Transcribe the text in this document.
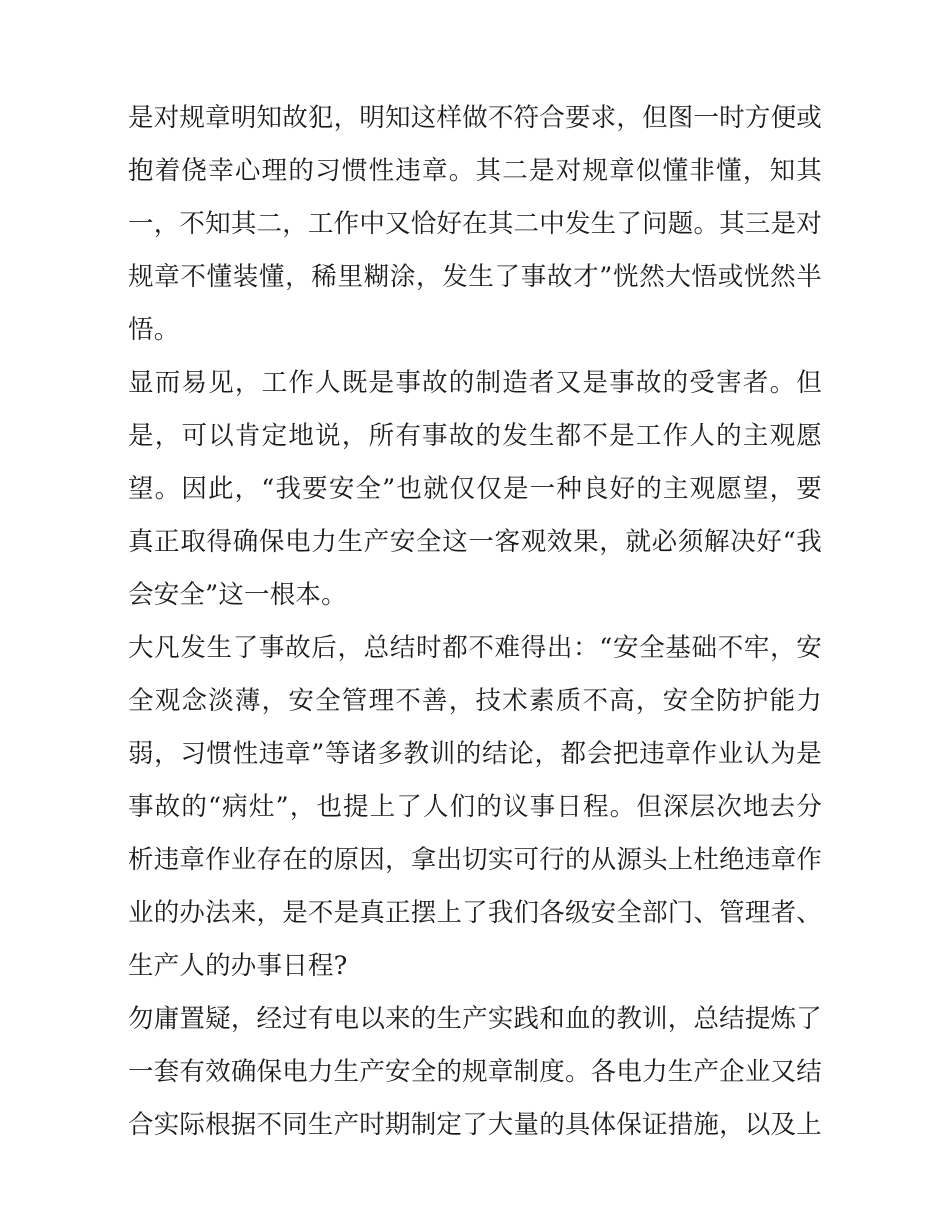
是对规章明知故犯，明知这样做不符合要求，但图一时方便或抱着侥幸心理的习惯性违章。其二是对规章似懂非懂，知其一，不知其二，工作中又恰好在其二中发生了问题。其三是对规章不懂装懂，稀里糊涂，发生了事故才”恍然大悟或恍然半悟。

显而易见，工作人既是事故的制造者又是事故的受害者。但是，可以肯定地说，所有事故的发生都不是工作人的主观愿望。因此，“我要安全”也就仅仅是一种良好的主观愿望，要真正取得确保电力生产安全这一客观效果，就必须解决好“我会安全”这一根本。

大凡发生了事故后，总结时都不难得出：“安全基础不牢，安全观念淡薄，安全管理不善，技术素质不高，安全防护能力弱，习惯性违章”等诸多教训的结论，都会把违章作业认为是事故的“病灶”，也提上了人们的议事日程。但深层次地去分析违章作业存在的原因，拿出切实可行的从源头上杜绝违章作业的办法来，是不是真正摆上了我们各级安全部门、管理者、生产人的办事日程?

勿庸置疑，经过有电以来的生产实践和血的教训，总结提炼了一套有效确保电力生产安全的规章制度。各电力生产企业又结合实际根据不同生产时期制定了大量的具体保证措施，以及上
